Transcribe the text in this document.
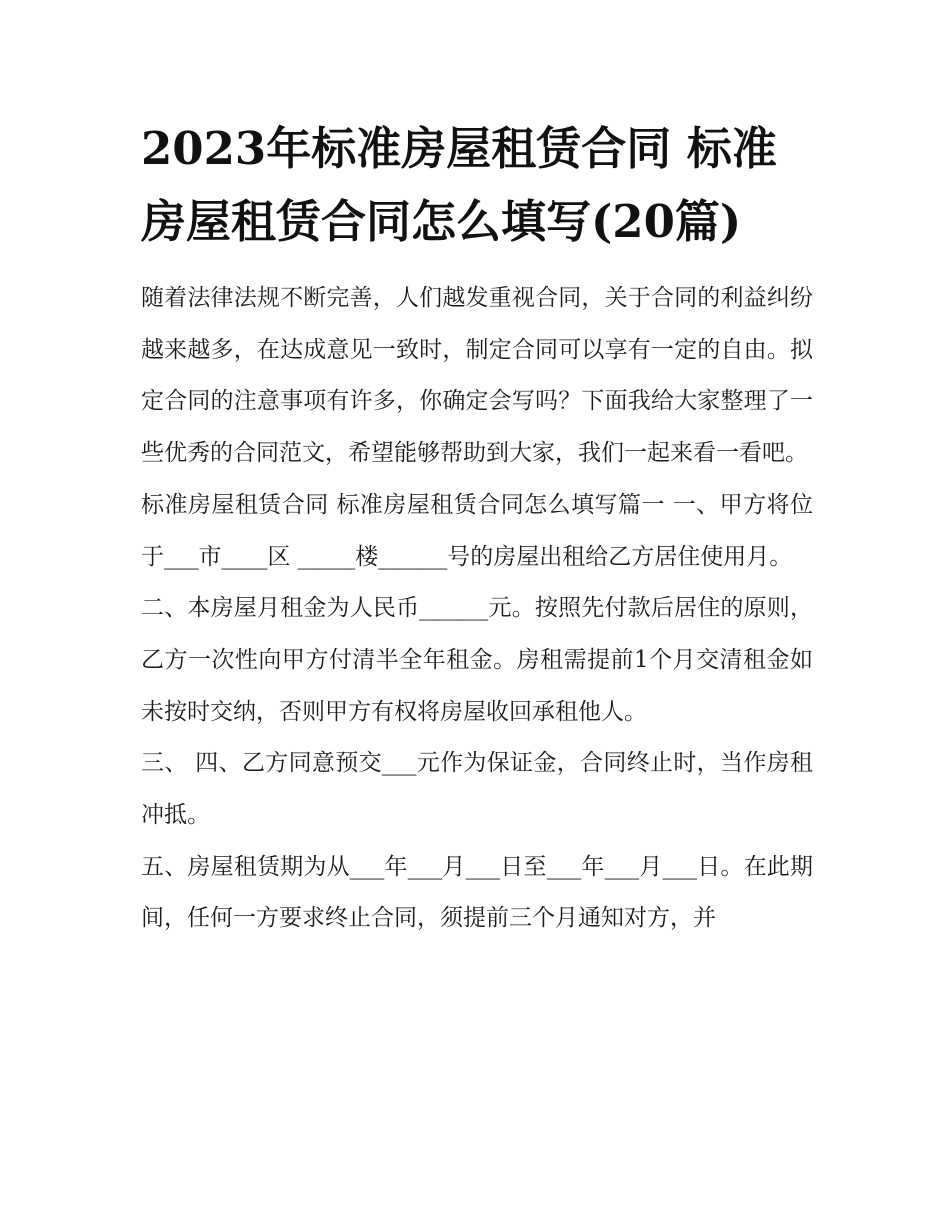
2023年标准房屋租赁合同 标准房屋租赁合同怎么填写(20篇)

随着法律法规不断完善，人们越发重视合同，关于合同的利益纠纷越来越多，在达成意见一致时，制定合同可以享有一定的自由。拟定合同的注意事项有许多，你确定会写吗？下面我给大家整理了一些优秀的合同范文，希望能够帮助到大家，我们一起来看一看吧。

标准房屋租赁合同 标准房屋租赁合同怎么填写篇一 一、甲方将位于___市____区 _____楼______号的房屋出租给乙方居住使用月。

二、本房屋月租金为人民币______元。按照先付款后居住的原则，乙方一次性向甲方付清半全年租金。房租需提前1个月交清租金如未按时交纳，否则甲方有权将房屋收回承租他人。

三、 四、乙方同意预交___元作为保证金，合同终止时，当作房租冲抵。

五、房屋租赁期为从___年___月___日至___年___月___日。在此期间，任何一方要求终止合同，须提前三个月通知对方，并
